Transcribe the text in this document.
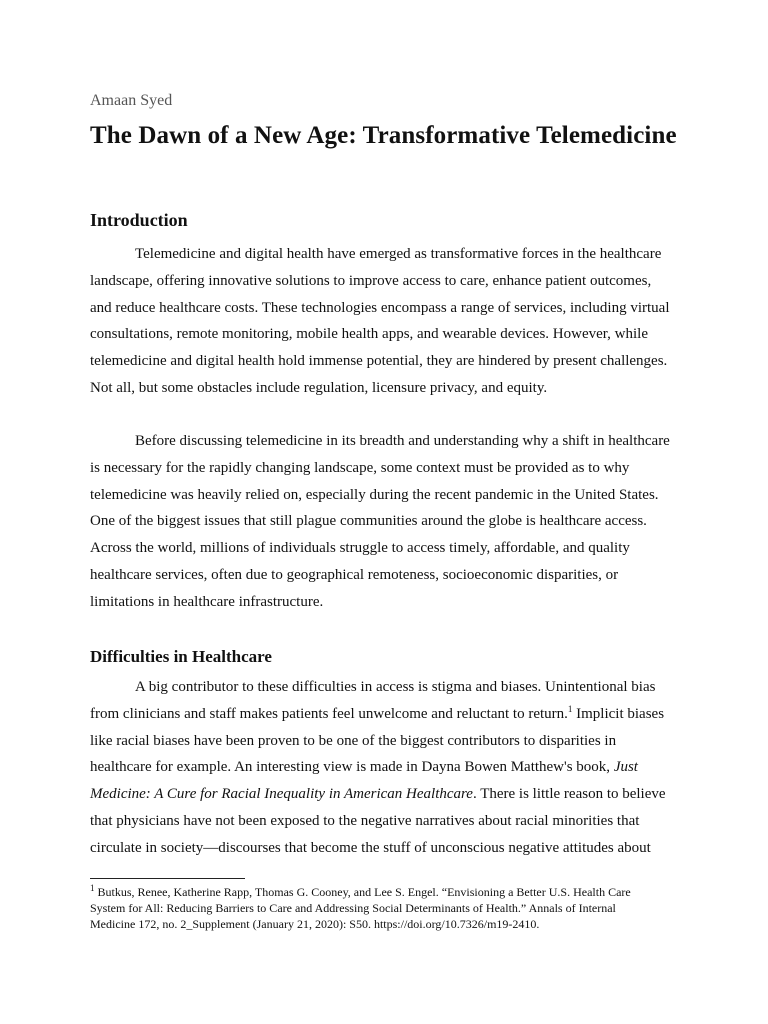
Amaan Syed
The Dawn of a New Age: Transformative Telemedicine
Introduction

Telemedicine and digital health have emerged as transformative forces in the healthcare
landscape, offering innovative solutions to improve access to care, enhance patient outcomes,
and reduce healthcare costs. These technologies encompass a range of services, including virtual
consultations, remote monitoring, mobile health apps, and wearable devices. However, while
telemedicine and digital health hold immense potential, they are hindered by present challenges.
Not all, but some obstacles include regulation, licensure privacy, and equity.

Before discussing telemedicine in its breadth and understanding why a shift in healthcare
is necessary for the rapidly changing landscape, some context must be provided as to why
telemedicine was heavily relied on, especially during the recent pandemic in the United States.
One of the biggest issues that still plague communities around the globe is healthcare access.
Across the world, millions of individuals struggle to access timely, affordable, and quality
healthcare services, often due to geographical remoteness, socioeconomic disparities, or
limitations in healthcare infrastructure.

Difficulties in Healthcare

A big contributor to these difficulties in access is stigma and biases. Unintentional bias
from clinicians and staff makes patients feel unwelcome and reluctant to return.$^1$ Implicit biases
like racial biases have been proven to be one of the biggest contributors to disparities in
healthcare for example. An interesting view is made in Dayna Bowen Matthew's book, Just
Medicine: A Cure for Racial Inequality in American Healthcare. There is little reason to believe
that physicians have not been exposed to the negative narratives about racial minorities that
circulate in society—discourses that become the stuff of unconscious negative attitudes about

$^1$ Butkus, Renee, Katherine Rapp, Thomas G. Cooney, and Lee S. Engel. “Envisioning a Better U.S. Health Care
System for All: Reducing Barriers to Care and Addressing Social Determinants of Health.” Annals of Internal
Medicine 172, no. 2_Supplement (January 21, 2020): S50. https://doi.org/10.7326/m19-2410.
